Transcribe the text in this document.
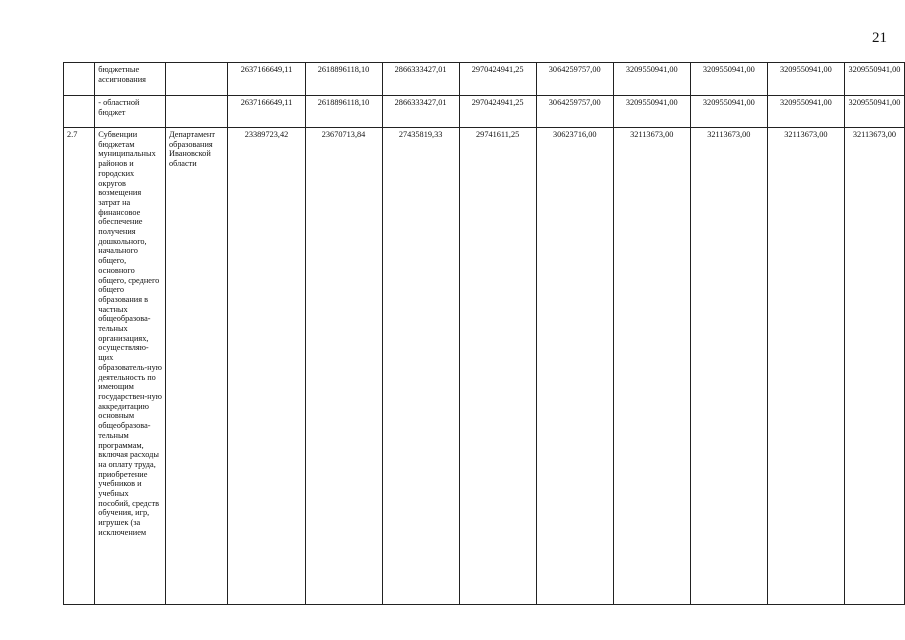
21
	бюджетные ассигнования		2637166649,11	2618896118,10	2866333427,01	2970424941,25	3064259757,00	3209550941,00	3209550941,00	3209550941,00	3209550941,00
	- областной бюджет		2637166649,11	2618896118,10	2866333427,01	2970424941,25	3064259757,00	3209550941,00	3209550941,00	3209550941,00	3209550941,00
2.7	Субвенции бюджетам муниципальных районов и городских округов возмещения затрат на финансовое обеспечение получения дошкольного, начального общего, основного общего, среднего общего образования в частных общеобразова-тельных организациях, осуществляю-щих образователь-ную деятельность по имеющим государствен-ную аккредитацию основным общеобразова-тельным программам, включая расходы на оплату труда, приобретение учебников и учебных пособий, средств обучения, игр, игрушек (за исключением	Департамент образования Ивановской области	23389723,42	23670713,84	27435819,33	29741611,25	30623716,00	32113673,00	32113673,00	32113673,00	32113673,00
